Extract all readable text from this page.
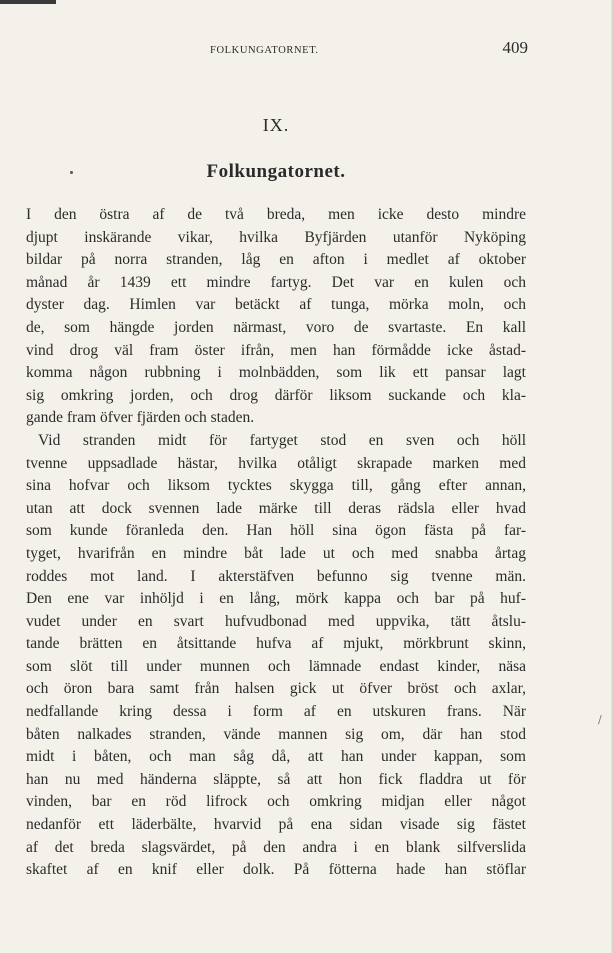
FOLKUNGATORNET.	409
IX.
Folkungatornet.
I den östra af de två breda, men icke desto mindre
djupt inskärande vikar, hvilka Byfjärden utanför Nyköping
bildar på norra stranden, låg en afton i medlet af oktober
månad år 1439 ett mindre fartyg. Det var en kulen och
dyster dag. Himlen var betäckt af tunga, mörka moln, och
de, som hängde jorden närmast, voro de svartaste. En kall
vind drog väl fram öster ifrån, men han förmådde icke åstad-
komma någon rubbning i molnbädden, som lik ett pansar lagt
sig omkring jorden, och drog därför liksom suckande och kla-
gande fram öfver fjärden och staden.
Vid stranden midt för fartyget stod en sven och höll
tvenne uppsadlade hästar, hvilka otåligt skrapade marken med
sina hofvar och liksom tycktes skygga till, gång efter annan,
utan att dock svennen lade märke till deras rädsla eller hvad
som kunde föranleda den. Han höll sina ögon fästa på far-
tyget, hvarifrån en mindre båt lade ut och med snabba årtag
roddes mot land. I akterstäfven befunno sig tvenne män.
Den ene var inhöljd i en lång, mörk kappa och bar på huf-
vudet under en svart hufvudbonad med uppvika, tätt åtslu-
tande brätten en åtsittande hufva af mjukt, mörkbrunt skinn,
som slöt till under munnen och lämnade endast kinder, näsa
och öron bara samt från halsen gick ut öfver bröst och axlar,
nedfallande kring dessa i form af en utskuren frans. När
båten nalkades stranden, vände mannen sig om, där han stod
midt i båten, och man såg då, att han under kappan, som
han nu med händerna släppte, så att hon fick fladdra ut för
vinden, bar en röd lifrock och omkring midjan eller något
nedanför ett läderbälte, hvarvid på ena sidan visade sig fästet
af det breda slagsvärdet, på den andra i en blank silfverslida
skaftet af en knif eller dolk. På fötterna hade han stöflar
/
